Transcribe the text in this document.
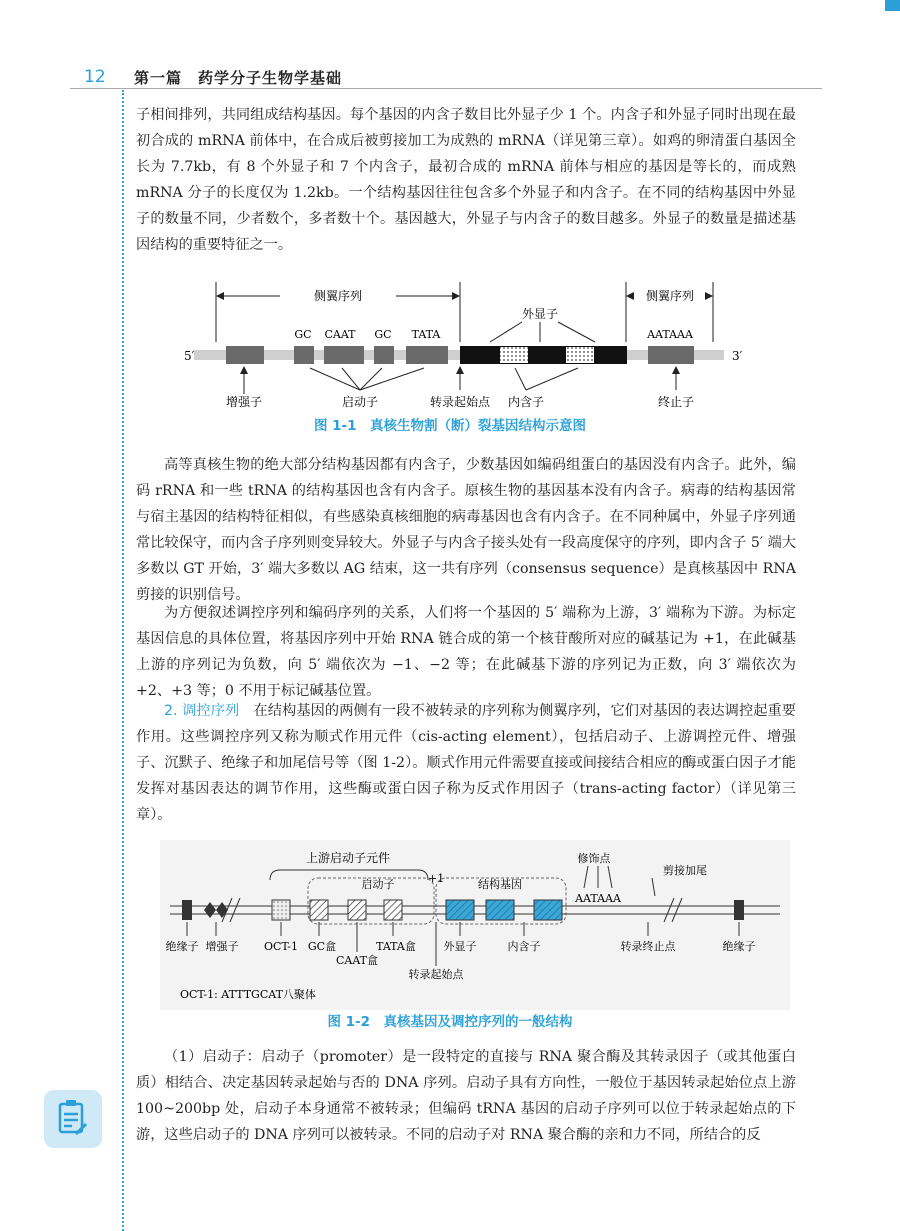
12 第一篇　药学分子生物学基础

子相间排列，共同组成结构基因。每个基因的内含子数目比外显子少 1 个。内含子和外显子同时出现在最初合成的 mRNA 前体中，在合成后被剪接加工为成熟的 mRNA（详见第三章）。如鸡的卵清蛋白基因全长为 7.7kb，有 8 个外显子和 7 个内含子，最初合成的 mRNA 前体与相应的基因是等长的，而成熟 mRNA 分子的长度仅为 1.2kb。一个结构基因往往包含多个外显子和内含子。在不同的结构基因中外显子的数量不同，少者数个，多者数十个。基因越大，外显子与内含子的数目越多。外显子的数量是描述基因结构的重要特征之一。

侧翼序列	侧翼序列
外显子
GC CAAT GC TATA	AATAAA
5′	3′
增强子	启动子	转录起始点 内含子	终止子
图 1-1　真核生物割（断）裂基因结构示意图

高等真核生物的绝大部分结构基因都有内含子，少数基因如编码组蛋白的基因没有内含子。此外，编码 rRNA 和一些 tRNA 的结构基因也含有内含子。原核生物的基因基本没有内含子。病毒的结构基因常与宿主基因的结构特征相似，有些感染真核细胞的病毒基因也含有内含子。在不同种属中，外显子序列通常比较保守，而内含子序列则变异较大。外显子与内含子接头处有一段高度保守的序列，即内含子 5′ 端大多数以 GT 开始，3′ 端大多数以 AG 结束，这一共有序列（consensus sequence）是真核基因中 RNA 剪接的识别信号。

为方便叙述调控序列和编码序列的关系，人们将一个基因的 5′ 端称为上游，3′ 端称为下游。为标定基因信息的具体位置，将基因序列中开始 RNA 链合成的第一个核苷酸所对应的碱基记为 +1，在此碱基上游的序列记为负数，向 5′ 端依次为 −1、−2 等；在此碱基下游的序列记为正数，向 3′ 端依次为 +2、+3 等；0 不用于标记碱基位置。

2. 调控序列　 在结构基因的两侧有一段不被转录的序列称为侧翼序列，它们对基因的表达调控起重要作用。这些调控序列又称为顺式作用元件（cis-acting element），包括启动子、上游调控元件、增强子、沉默子、绝缘子和加尾信号等（图 1-2）。顺式作用元件需要直接或间接结合相应的酶或蛋白因子才能发挥对基因表达的调节作用，这些酶或蛋白因子称为反式作用因子（trans-acting factor）（详见第三章）。

上游启动子元件
启动子	+1	结构基因
修饰点
剪接加尾
AATAAA
绝缘子 增强子 OCT-1 GC盒
CAAT盒
TATA盒
转录起始点
外显子	内含子	转录终止点	绝缘子
OCT-1: ATTTGCAT八聚体
图 1-2　真核基因及调控序列的一般结构

（1）启动子：启动子（promoter）是一段特定的直接与 RNA 聚合酶及其转录因子（或其他蛋白质）相结合、决定基因转录起始与否的 DNA 序列。启动子具有方向性，一般位于基因转录起始位点上游 100~200bp 处，启动子本身通常不被转录；但编码 tRNA 基因的启动子序列可以位于转录起始点的下游，这些启动子的 DNA 序列可以被转录。不同的启动子对 RNA 聚合酶的亲和力不同，所结合的反
